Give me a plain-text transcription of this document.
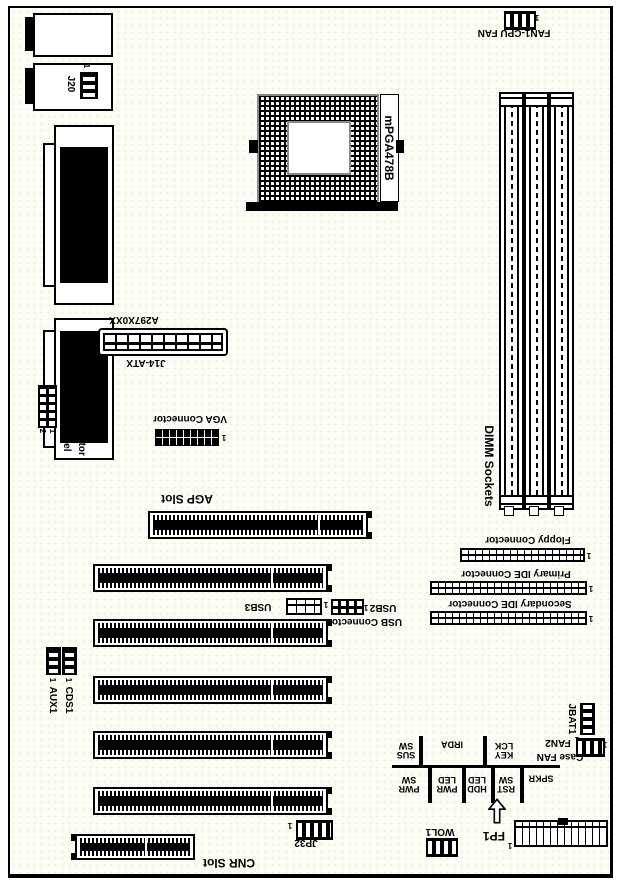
1
J20
1
FAN1-CPU FAN
mPGA478B
DIMM Sockets
A297X0XX
J14-ATX
2 1 J10-Front Panel Sound Connector	VGA Connector
1
AGP Slot
USB3	1	1 USB2
USB Connector
Floppy Connector
1
Primary IDE Connector
1
Secondary IDE Connector
1
1 1
AUX1 CDS1
JBAT1
FAN2	1
Case FAN
SUS
SW	IRDA
KEY
LCK
PWR
SW
PWR
LED
HDD
LED
RST
SW SPKR
FP1
1
WOL1
1
JP32
CNR Slot
